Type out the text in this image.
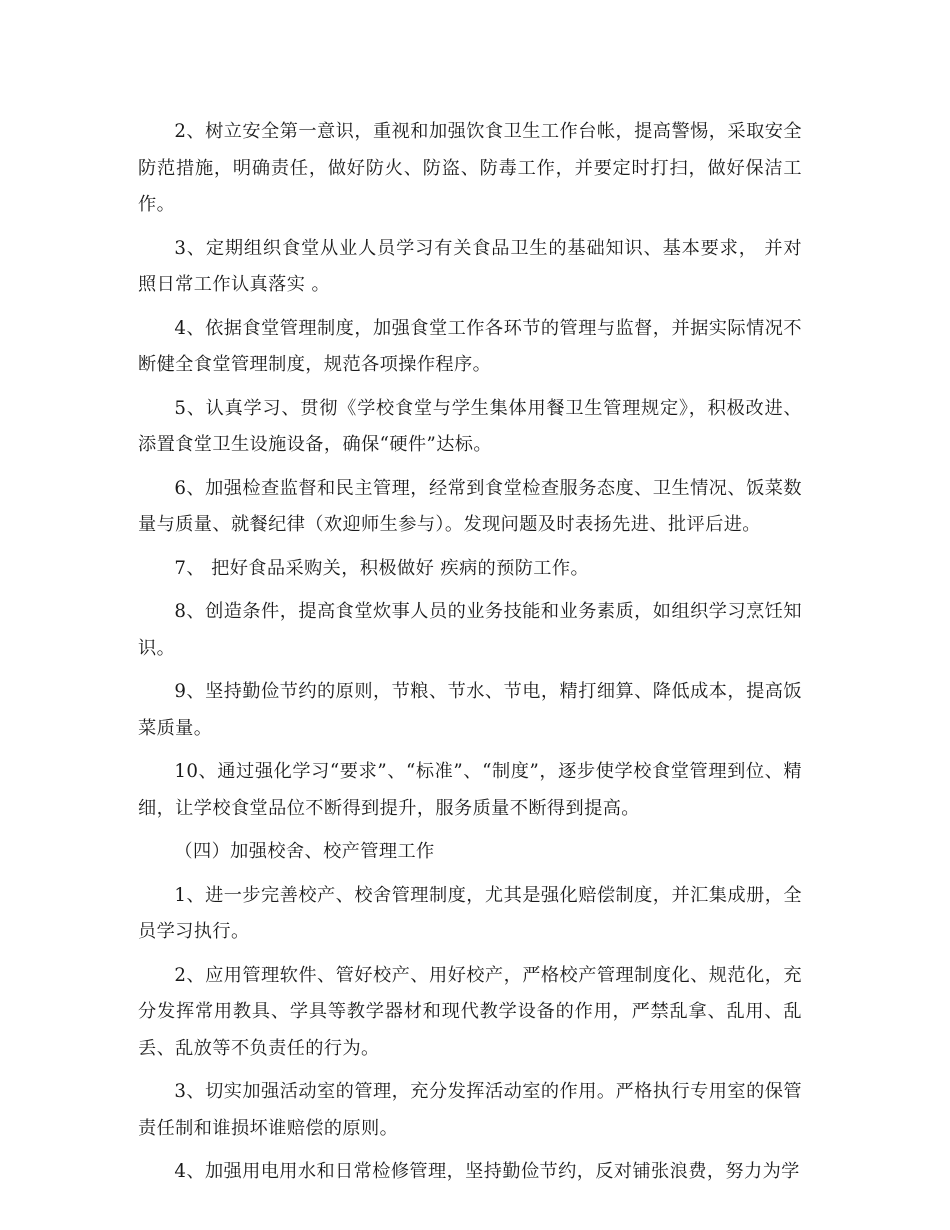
2、树立安全第一意识，重视和加强饮食卫生工作台帐，提高警惕，采取安全防范措施，明确责任，做好防火、防盗、防毒工作，并要定时打扫，做好保洁工作。

3、定期组织食堂从业人员学习有关食品卫生的基础知识、基本要求， 并对照日常工作认真落实 。

4、依据食堂管理制度，加强食堂工作各环节的管理与监督，并据实际情况不断健全食堂管理制度，规范各项操作程序。

5、认真学习、贯彻《学校食堂与学生集体用餐卫生管理规定》，积极改进、添置食堂卫生设施设备，确保“硬件”达标。

6、加强检查监督和民主管理，经常到食堂检查服务态度、卫生情况、饭菜数量与质量、就餐纪律（欢迎师生参与）。发现问题及时表扬先进、批评后进。

7、 把好食品采购关，积极做好 疾病的预防工作。

8、创造条件，提高食堂炊事人员的业务技能和业务素质，如组织学习烹饪知识。

9、坚持勤俭节约的原则，节粮、节水、节电，精打细算、降低成本，提高饭菜质量。

10、通过强化学习“要求”、“标准”、“制度”，逐步使学校食堂管理到位、精细，让学校食堂品位不断得到提升，服务质量不断得到提高。

（四）加强校舍、校产管理工作

1、进一步完善校产、校舍管理制度，尤其是强化赔偿制度，并汇集成册，全员学习执行。

2、应用管理软件、管好校产、用好校产，严格校产管理制度化、规范化，充分发挥常用教具、学具等教学器材和现代教学设备的作用，严禁乱拿、乱用、乱丢、乱放等不负责任的行为。

3、切实加强活动室的管理，充分发挥活动室的作用。严格执行专用室的保管责任制和谁损坏谁赔偿的原则。

4、加强用电用水和日常检修管理，坚持勤俭节约，反对铺张浪费，努力为学
